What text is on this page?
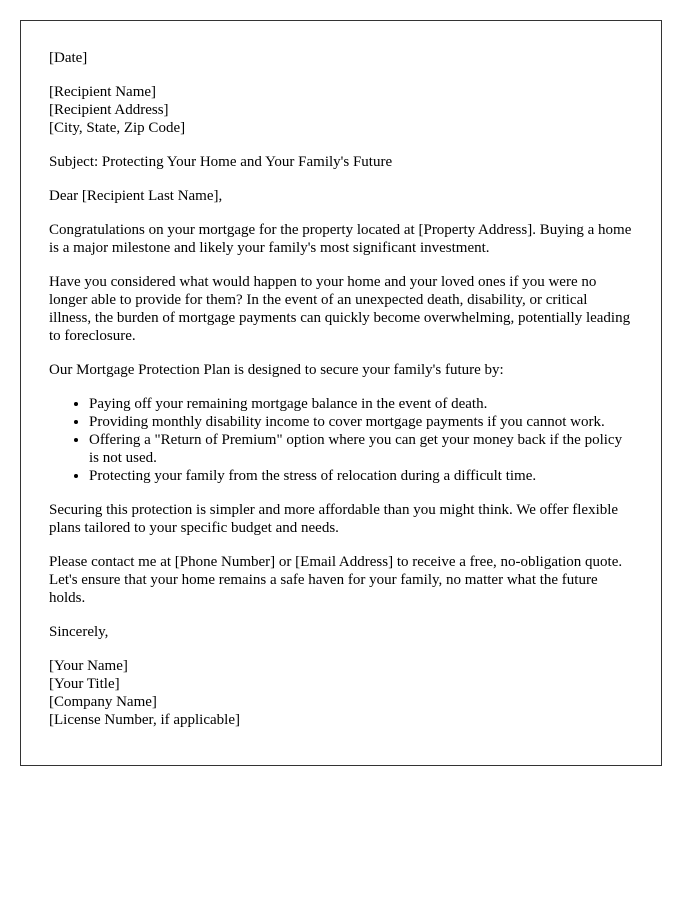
[Date]

[Recipient Name]
[Recipient Address]
[City, State, Zip Code]

Subject: Protecting Your Home and Your Family's Future

Dear [Recipient Last Name],

Congratulations on your mortgage for the property located at [Property Address]. Buying a home is a major milestone and likely your family's most significant investment.

Have you considered what would happen to your home and your loved ones if you were no longer able to provide for them? In the event of an unexpected death, disability, or critical illness, the burden of mortgage payments can quickly become overwhelming, potentially leading to foreclosure.

Our Mortgage Protection Plan is designed to secure your family's future by:

• Paying off your remaining mortgage balance in the event of death.
• Providing monthly disability income to cover mortgage payments if you cannot work.
• Offering a "Return of Premium" option where you can get your money back if the policy is not used.
• Protecting your family from the stress of relocation during a difficult time.

Securing this protection is simpler and more affordable than you might think. We offer flexible plans tailored to your specific budget and needs.

Please contact me at [Phone Number] or [Email Address] to receive a free, no-obligation quote. Let's ensure that your home remains a safe haven for your family, no matter what the future holds.

Sincerely,

[Your Name]
[Your Title]
[Company Name]
[License Number, if applicable]
